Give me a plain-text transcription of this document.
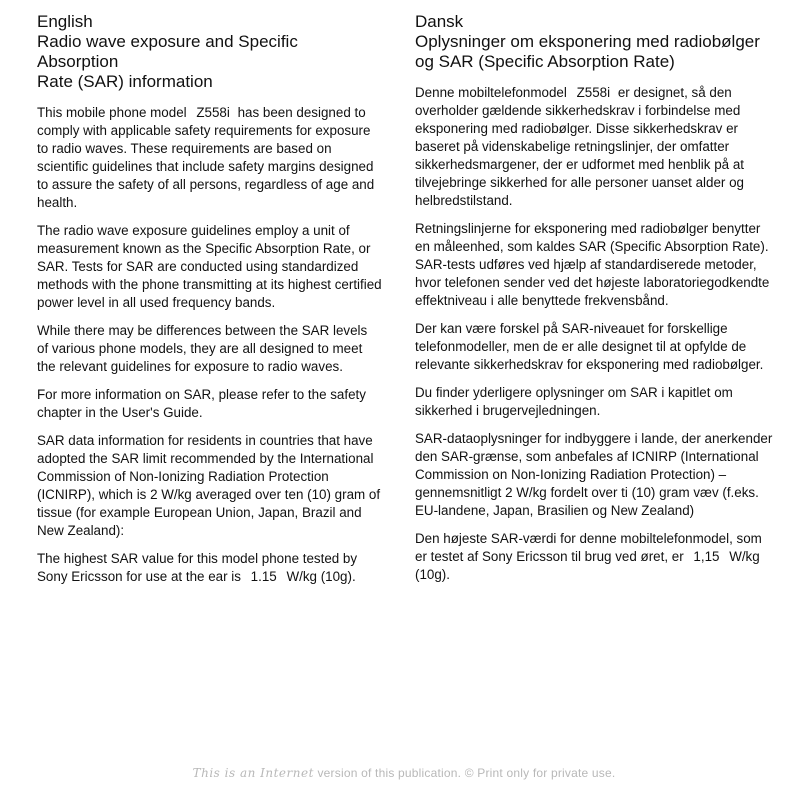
English
Radio wave exposure and Specific Absorption
Rate (SAR) information

This mobile phone model Z558i has been designed to comply with applicable safety requirements for exposure to radio waves. These requirements are based on scientific guidelines that include safety margins designed to assure the safety of all persons, regardless of age and health.

The radio wave exposure guidelines employ a unit of measurement known as the Specific Absorption Rate, or SAR. Tests for SAR are conducted using standardized methods with the phone transmitting at its highest certified power level in all used frequency bands.

While there may be differences between the SAR levels of various phone models, they are all designed to meet the relevant guidelines for exposure to radio waves.

For more information on SAR, please refer to the safety chapter in the User's Guide.

SAR data information for residents in countries that have adopted the SAR limit recommended by the International Commission of Non-Ionizing Radiation Protection (ICNIRP), which is 2 W/kg averaged over ten (10) gram of tissue (for example European Union, Japan, Brazil and New Zealand):

The highest SAR value for this model phone tested by Sony Ericsson for use at the ear is 1.15 W/kg (10g).

Dansk
Oplysninger om eksponering med radiobølger
og SAR (Specific Absorption Rate)

Denne mobiltelefonmodel Z558i er designet, så den overholder gældende sikkerhedskrav i forbindelse med eksponering med radiobølger. Disse sikkerhedskrav er baseret på videnskabelige retningslinjer, der omfatter sikkerhedsmargener, der er udformet med henblik på at tilvejebringe sikkerhed for alle personer uanset alder og helbredstilstand.

Retningslinjerne for eksponering med radiobølger benytter en måleenhed, som kaldes SAR (Specific Absorption Rate). SAR-tests udføres ved hjælp af standardiserede metoder, hvor telefonen sender ved det højeste laboratoriegodkendte effektniveau i alle benyttede frekvensbånd.

Der kan være forskel på SAR-niveauet for forskellige telefonmodeller, men de er alle designet til at opfylde de relevante sikkerhedskrav for eksponering med radiobølger.

Du finder yderligere oplysninger om SAR i kapitlet om sikkerhed i brugervejledningen.

SAR-dataoplysninger for indbyggere i lande, der anerkender den SAR-grænse, som anbefales af ICNIRP (International Commission on Non-Ionizing Radiation Protection) – gennemsnitligt 2 W/kg fordelt over ti (10) gram væv (f.eks. EU-landene, Japan, Brasilien og New Zealand)

Den højeste SAR-værdi for denne mobiltelefonmodel, som er testet af Sony Ericsson til brug ved øret, er 1,15 W/kg (10g).

This is an Internet version of this publication. © Print only for private use.
